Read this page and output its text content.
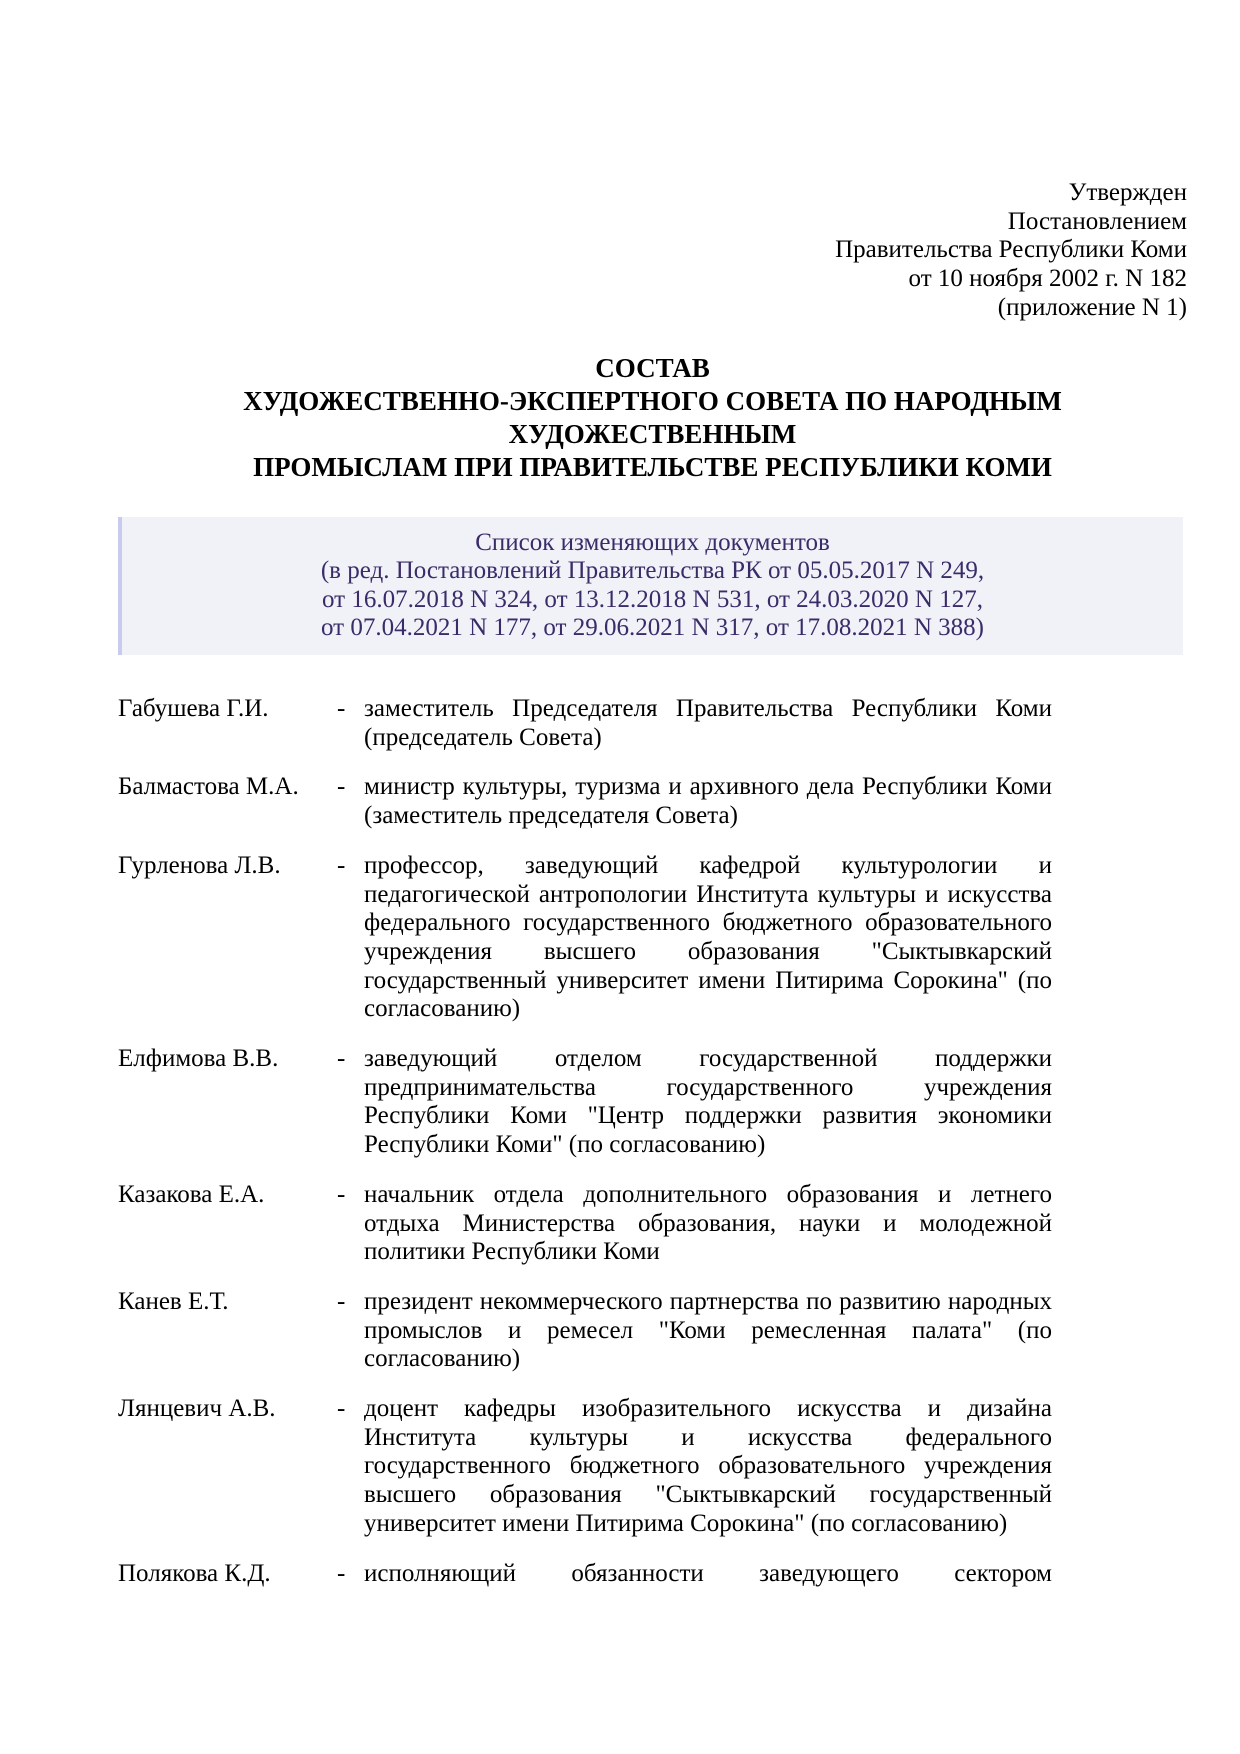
Утвержден
Постановлением
Правительства Республики Коми
от 10 ноября 2002 г. N 182
(приложение N 1)
СОСТАВ
ХУДОЖЕСТВЕННО-ЭКСПЕРТНОГО СОВЕТА ПО НАРОДНЫМ
ХУДОЖЕСТВЕННЫМ
ПРОМЫСЛАМ ПРИ ПРАВИТЕЛЬСТВЕ РЕСПУБЛИКИ КОМИ
Список изменяющих документов
(в ред. Постановлений Правительства РК от 05.05.2017 N 249,
от 16.07.2018 N 324, от 13.12.2018 N 531, от 24.03.2020 N 127,
от 07.04.2021 N 177, от 29.06.2021 N 317, от 17.08.2021 N 388)
Габушева Г.И.	- заместитель Председателя Правительства Республики Коми (председатель Совета)
Балмастова М.А.	- министр культуры, туризма и архивного дела Республики Коми (заместитель председателя Совета)
Гурленова Л.В.	- профессор, заведующий кафедрой культурологии и педагогической антропологии Института культуры и искусства федерального государственного бюджетного образовательного учреждения высшего образования "Сыктывкарский государственный университет имени Питирима Сорокина" (по согласованию)
Елфимова В.В.	- заведующий отделом государственной поддержки предпринимательства государственного учреждения Республики Коми "Центр поддержки развития экономики Республики Коми" (по согласованию)
Казакова Е.А.	- начальник отдела дополнительного образования и летнего отдыха Министерства образования, науки и молодежной политики Республики Коми
Канев Е.Т.	- президент некоммерческого партнерства по развитию народных промыслов и ремесел "Коми ремесленная палата" (по согласованию)
Лянцевич А.В.	- доцент кафедры изобразительного искусства и дизайна Института культуры и искусства федерального государственного бюджетного образовательного учреждения высшего образования "Сыктывкарский государственный университет имени Питирима Сорокина" (по согласованию)
Полякова К.Д.	- исполняющий обязанности заведующего сектором
